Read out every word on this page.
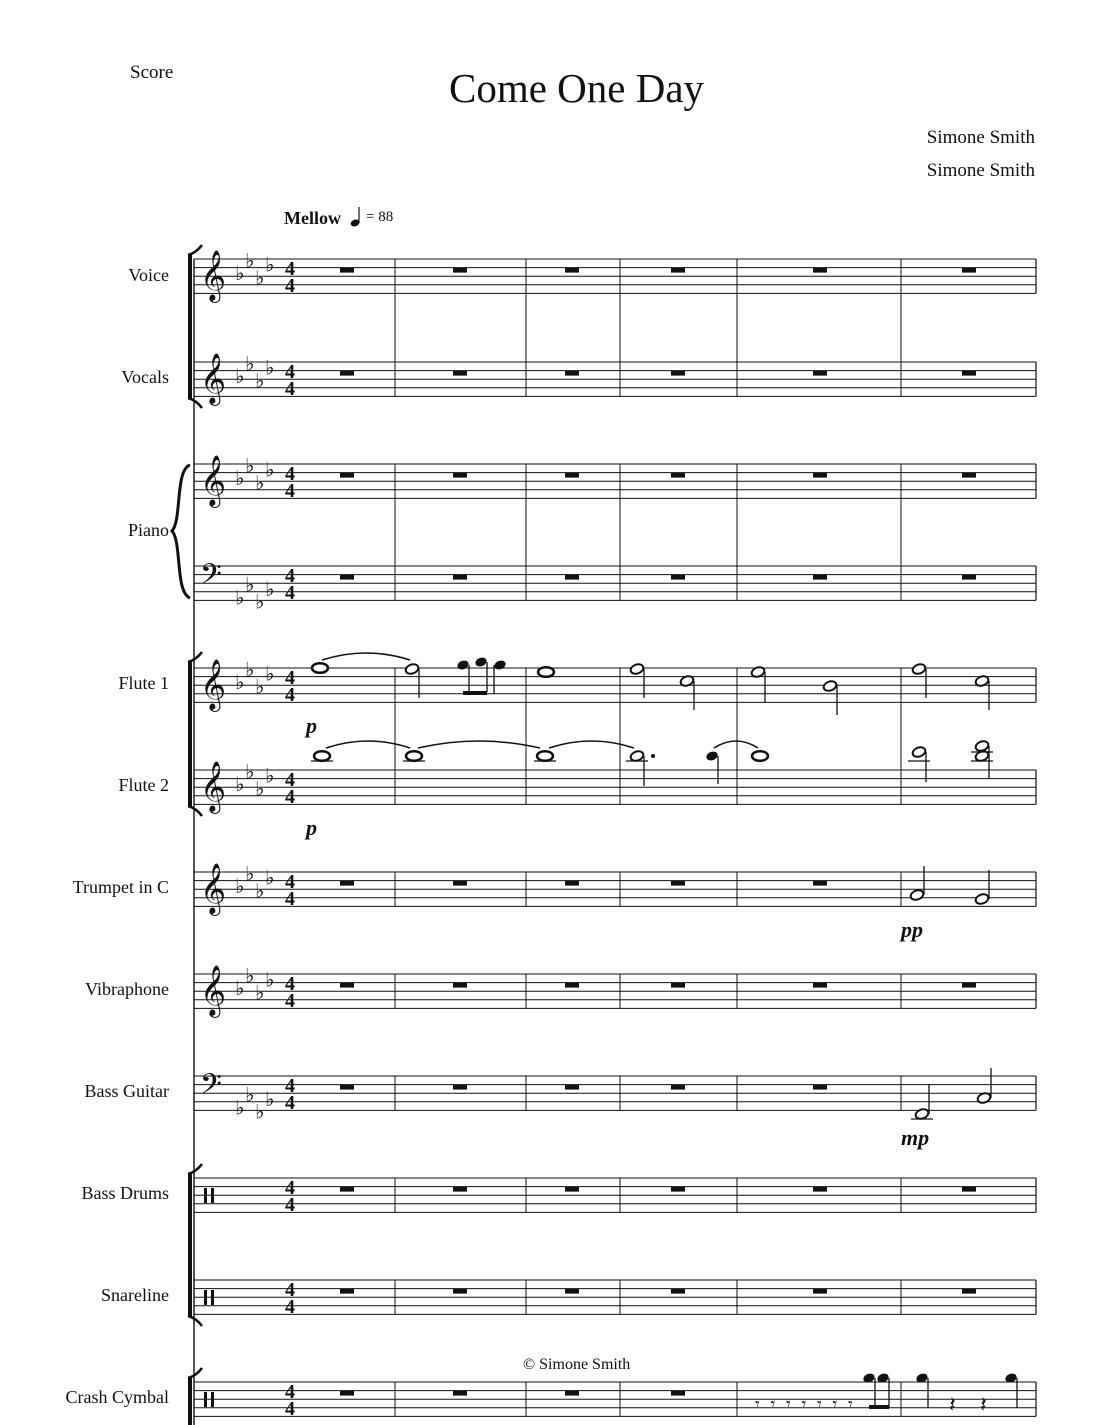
Score	Come One Day
Simone Smith
Simone Smith
Mellow = 88
Voice
Vocals
Piano
Flute 1
Flute 2
Trumpet in C
Vibraphone
Bass Guitar
Bass Drums
Snareline
Crash Cymbal
© Simone Smith
𝄞
𝄞
𝄞
𝄢
𝄞
𝄞
𝄞
𝄞
𝄢
♭
♭
♭
♭
♭
♭
♭
♭
♭
♭
♭
♭
♭
♭
♭
♭
♭
♭
♭
♭
♭
♭
♭
♭
♭
♭
♭
♭
♭
♭
♭
♭
♭
♭
♭
♭
4
4
4
4
4
4
4
4
4
4
4
4
4
4
4
4
4
4
4
4
4
4
4
4	𝄾 𝄾 𝄾 𝄾 𝄾 𝄾 𝄾	𝄽 𝄽
p
p
pp
mp
